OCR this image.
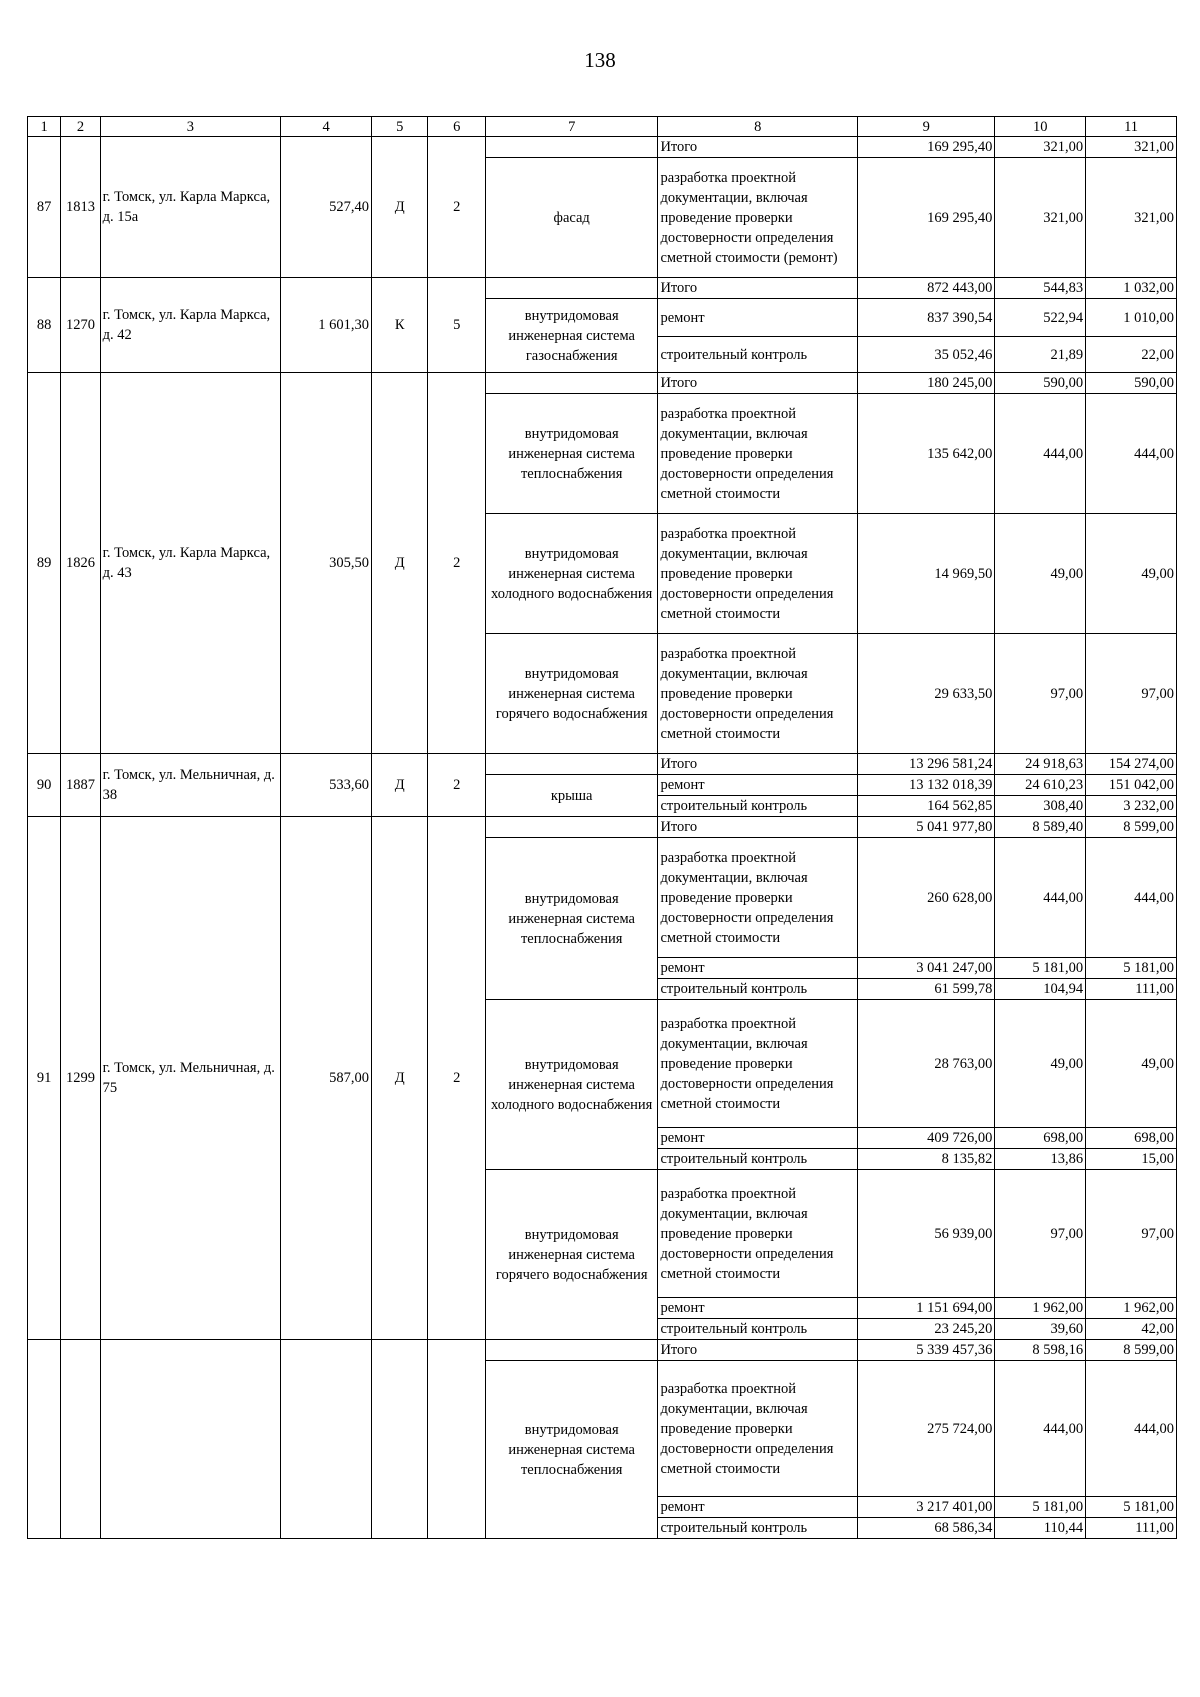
138
1	2	3	4	5	6	7	8	9	10	11
87	1813	г. Томск, ул. Карла Маркса, д. 15а	527,40	Д	2		Итого	169 295,40	321,00	321,00
						фасад	разработка проектной документации, включая проведение проверки достоверности определения сметной стоимости (ремонт)	169 295,40	321,00	321,00
88	1270	г. Томск, ул. Карла Маркса, д. 42	1 601,30	К	5		Итого	872 443,00	544,83	1 032,00
						внутридомовая инженерная система газоснабжения	ремонт	837 390,54	522,94	1 010,00
							строительный контроль	35 052,46	21,89	22,00
89	1826	г. Томск, ул. Карла Маркса, д. 43	305,50	Д	2		Итого	180 245,00	590,00	590,00
						внутридомовая инженерная система теплоснабжения	разработка проектной документации, включая проведение проверки достоверности определения сметной стоимости	135 642,00	444,00	444,00
						внутридомовая инженерная система холодного водоснабжения	разработка проектной документации, включая проведение проверки достоверности определения сметной стоимости	14 969,50	49,00	49,00
						внутридомовая инженерная система горячего водоснабжения	разработка проектной документации, включая проведение проверки достоверности определения сметной стоимости	29 633,50	97,00	97,00
90	1887	г. Томск, ул. Мельничная, д. 38	533,60	Д	2		Итого	13 296 581,24	24 918,63	154 274,00
						крыша	ремонт	13 132 018,39	24 610,23	151 042,00
							строительный контроль	164 562,85	308,40	3 232,00
91	1299	г. Томск, ул. Мельничная, д. 75	587,00	Д	2		Итого	5 041 977,80	8 589,40	8 599,00
						внутридомовая инженерная система теплоснабжения	разработка проектной документации, включая проведение проверки достоверности определения сметной стоимости	260 628,00	444,00	444,00
							ремонт	3 041 247,00	5 181,00	5 181,00
							строительный контроль	61 599,78	104,94	111,00
						внутридомовая инженерная система холодного водоснабжения	разработка проектной документации, включая проведение проверки достоверности определения сметной стоимости	28 763,00	49,00	49,00
							ремонт	409 726,00	698,00	698,00
							строительный контроль	8 135,82	13,86	15,00
						внутридомовая инженерная система горячего водоснабжения	разработка проектной документации, включая проведение проверки достоверности определения сметной стоимости	56 939,00	97,00	97,00
							ремонт	1 151 694,00	1 962,00	1 962,00
							строительный контроль	23 245,20	39,60	42,00
							Итого	5 339 457,36	8 598,16	8 599,00
						внутридомовая инженерная система теплоснабжения	разработка проектной документации, включая проведение проверки достоверности определения сметной стоимости	275 724,00	444,00	444,00
							ремонт	3 217 401,00	5 181,00	5 181,00
							строительный контроль	68 586,34	110,44	111,00
